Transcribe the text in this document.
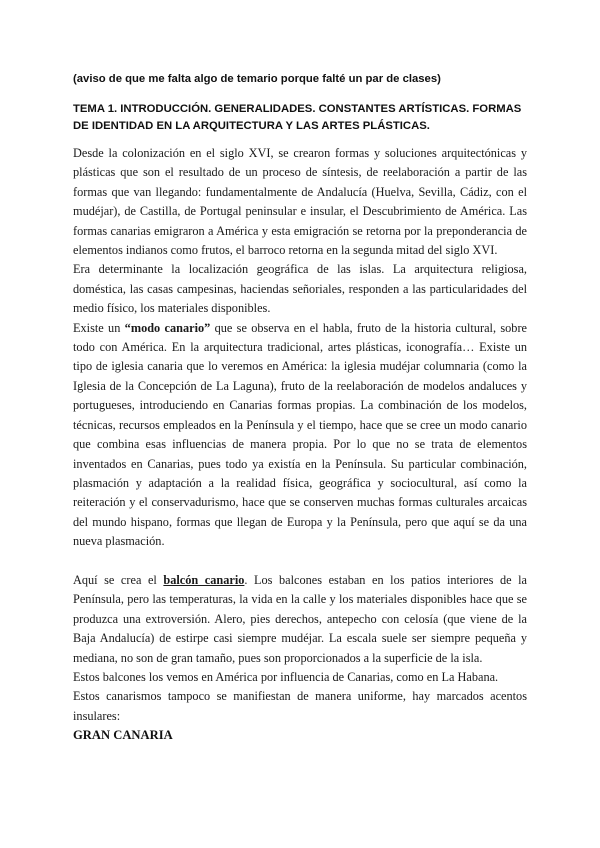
(aviso de que me falta algo de temario porque falté un par de clases)
TEMA 1. INTRODUCCIÓN. GENERALIDADES. CONSTANTES ARTÍSTICAS. FORMAS
DE IDENTIDAD EN LA ARQUITECTURA Y LAS ARTES PLÁSTICAS.

Desde la colonización en el siglo XVI, se crearon formas y soluciones arquitectónicas y plásticas que son el resultado de un proceso de síntesis, de reelaboración a partir de las formas que van llegando: fundamentalmente de Andalucía (Huelva, Sevilla, Cádiz, con el mudéjar), de Castilla, de Portugal peninsular e insular, el Descubrimiento de América. Las formas canarias emigraron a América y esta emigración se retorna por la preponderancia de elementos indianos como frutos, el barroco retorna en la segunda mitad del siglo XVI.

Era determinante la localización geográfica de las islas. La arquitectura religiosa, doméstica, las casas campesinas, haciendas señoriales, responden a las particularidades del medio físico, los materiales disponibles.

Existe un “modo canario” que se observa en el habla, fruto de la historia cultural, sobre todo con América. En la arquitectura tradicional, artes plásticas, iconografía… Existe un tipo de iglesia canaria que lo veremos en América: la iglesia mudéjar columnaria (como la Iglesia de la Concepción de La Laguna), fruto de la reelaboración de modelos andaluces y portugueses, introduciendo en Canarias formas propias. La combinación de los modelos, técnicas, recursos empleados en la Península y el tiempo, hace que se cree un modo canario que combina esas influencias de manera propia. Por lo que no se trata de elementos inventados en Canarias, pues todo ya existía en la Península. Su particular combinación, plasmación y adaptación a la realidad física, geográfica y sociocultural, así como la reiteración y el conservadurismo, hace que se conserven muchas formas culturales arcaicas del mundo hispano, formas que llegan de Europa y la Península, pero que aquí se da una nueva plasmación.

Aquí se crea el balcón canario. Los balcones estaban en los patios interiores de la Península, pero las temperaturas, la vida en la calle y los materiales disponibles hace que se produzca una extroversión. Alero, pies derechos, antepecho con celosía (que viene de la Baja Andalucía) de estirpe casi siempre mudéjar. La escala suele ser siempre pequeña y mediana, no son de gran tamaño, pues son proporcionados a la superficie de la isla.

Estos balcones los vemos en América por influencia de Canarias, como en La Habana.

Estos canarismos tampoco se manifiestan de manera uniforme, hay marcados acentos insulares:

GRAN CANARIA
